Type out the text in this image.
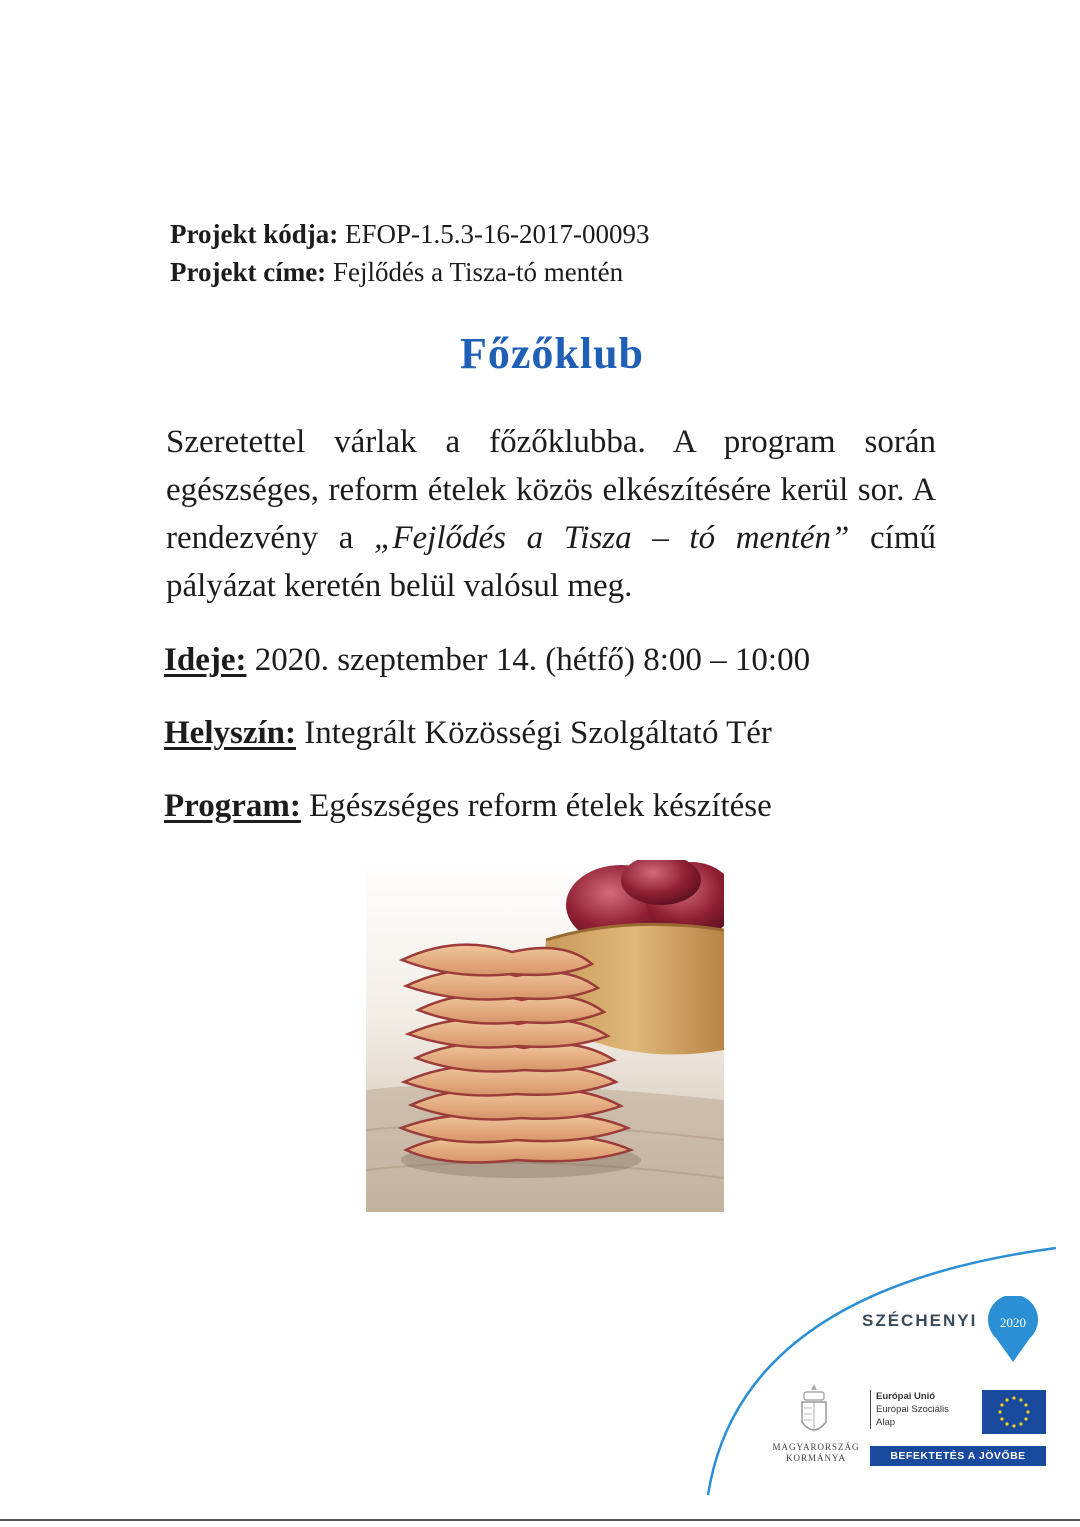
Projekt kódja: EFOP-1.5.3-16-2017-00093
Projekt címe: Fejlődés a Tisza-tó mentén
Főzőklub
Szeretettel várlak a főzőklubba. A program során egészséges, reform ételek közös elkészítésére kerül sor. A rendezvény a „Fejlődés a Tisza – tó mentén” című pályázat keretén belül valósul meg.
Ideje: 2020. szeptember 14. (hétfő) 8:00 – 10:00
Helyszín: Integrált Közösségi Szolgáltató Tér
Program: Egészséges reform ételek készítése
SZÉCHENYI 2020
MAGYARORSZÁG
KORMÁNYA
Európai Unió
Európai Szociális
Alap
BEFEKTETÉS A JÖVŐBE
